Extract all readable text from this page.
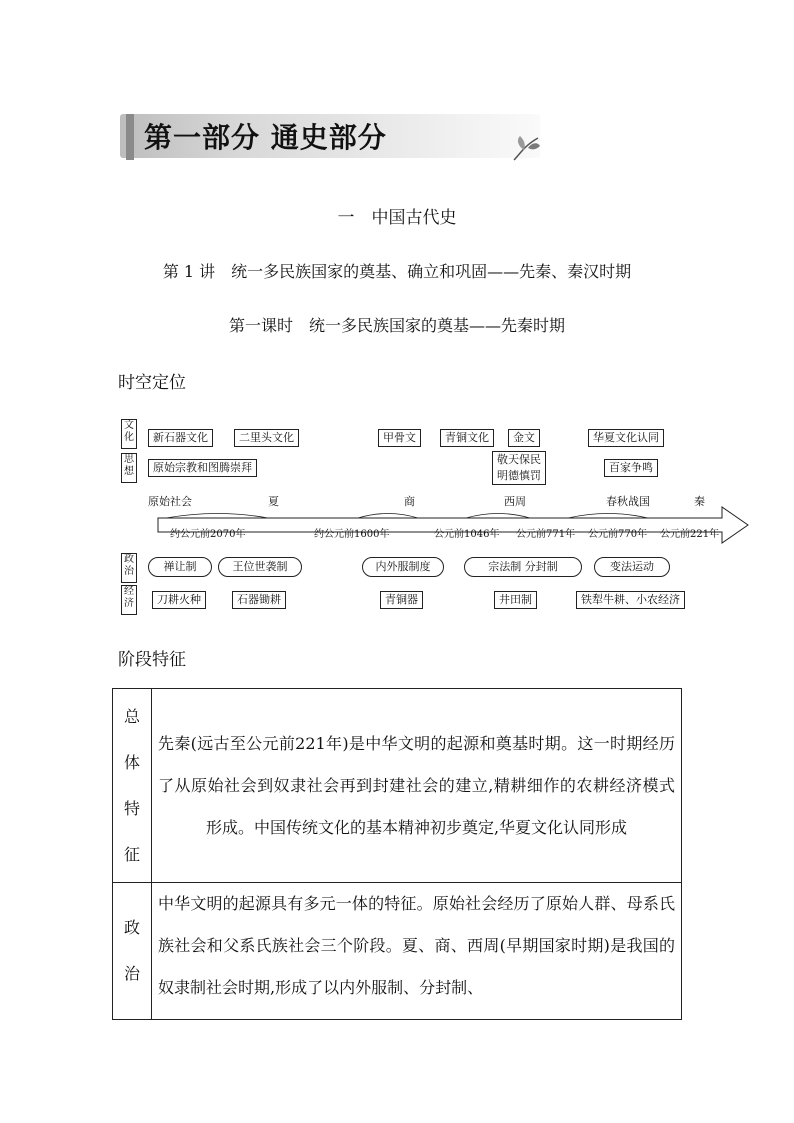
第一部分 通史部分
一　中国古代史
第 1 讲　统一多民族国家的奠基、确立和巩固——先秦、秦汉时期
第一课时　统一多民族国家的奠基——先秦时期
时空定位
文化
思想
政治
经济
新石器文化	二里头文化	甲骨文	青铜文化	金文	华夏文化认同
原始宗教和图腾崇拜
敬天保民
明德慎罚
百家争鸣
原始社会	夏	商	西周	春秋战国	秦
约公元前2070年	约公元前1600年	公元前1046年 公元前771年 公元前770年 公元前221年
禅让制	王位世袭制	内外服制度	宗法制 分封制	变法运动
刀耕火种	石器锄耕	青铜器	井田制	铁犁牛耕、小农经济
阶段特征
总
体
特
征	先秦(远古至公元前221年)是中华文明的起源和奠基时期。这一时期经历了从原始社会到奴隶社会再到封建社会的建立,精耕细作的农耕经济模式形成。中国传统文化的基本精神初步奠定,华夏文化认同形成

政
治	中华文明的起源具有多元一体的特征。原始社会经历了原始人群、母系氏族社会和父系氏族社会三个阶段。夏、商、西周(早期国家时期)是我国的奴隶制社会时期,形成了以内外服制、分封制、
